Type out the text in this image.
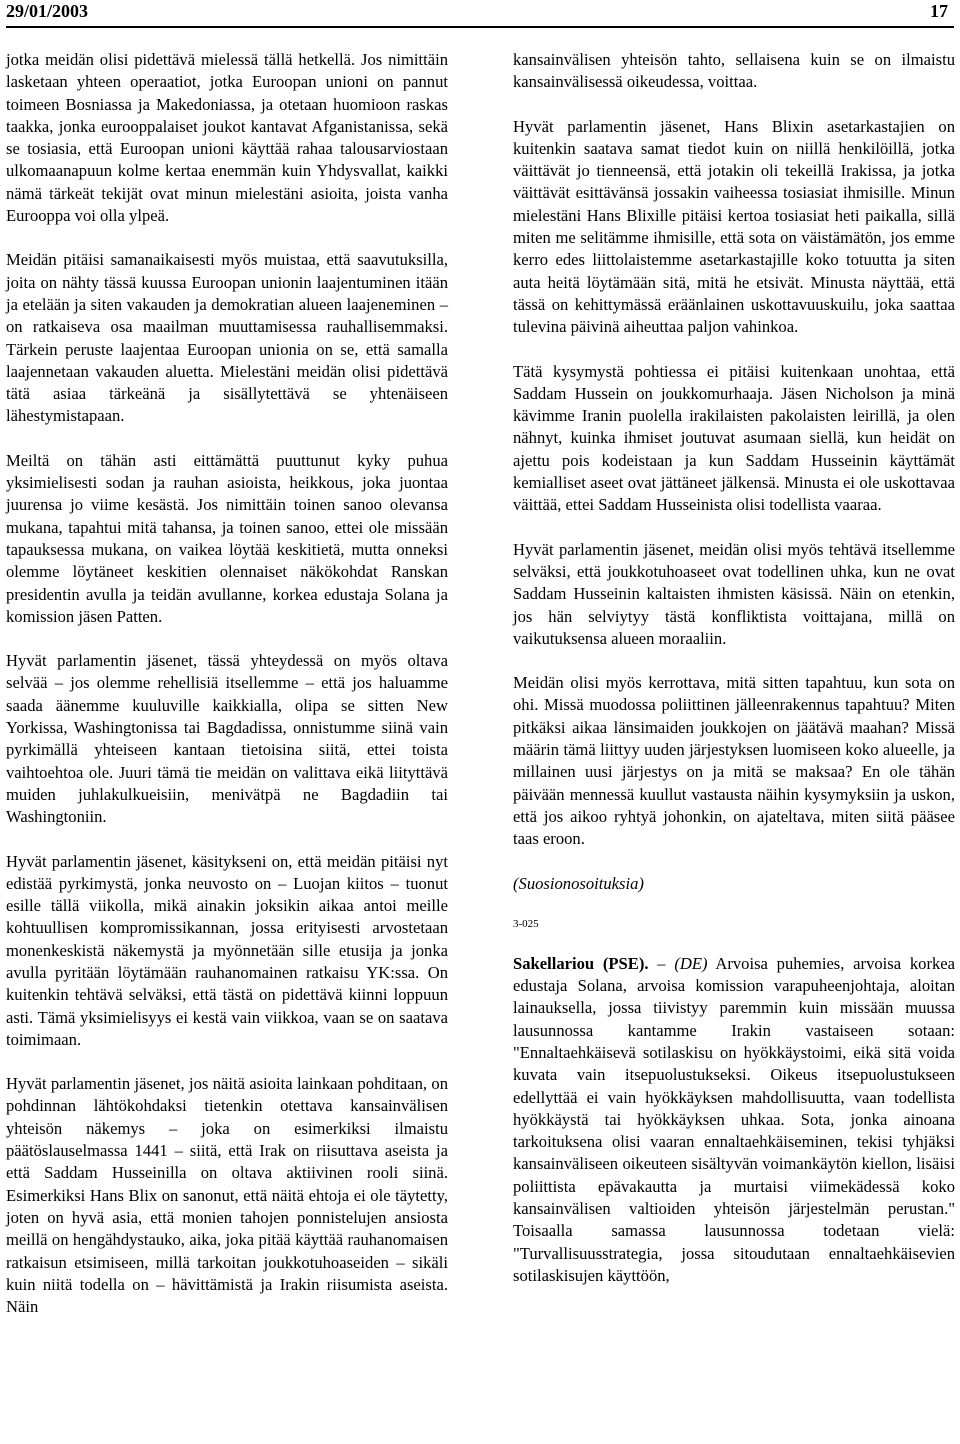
29/01/2003	17

jotka meidän olisi pidettävä mielessä tällä hetkellä. Jos nimittäin lasketaan yhteen operaatiot, jotka Euroopan unioni on pannut toimeen Bosniassa ja Makedoniassa, ja otetaan huomioon raskas taakka, jonka eurooppalaiset joukot kantavat Afganistanissa, sekä se tosiasia, että Euroopan unioni käyttää rahaa talousarviostaan ulkomaanapuun kolme kertaa enemmän kuin Yhdysvallat, kaikki nämä tärkeät tekijät ovat minun mielestäni asioita, joista vanha Eurooppa voi olla ylpeä.

Meidän pitäisi samanaikaisesti myös muistaa, että saavutuksilla, joita on nähty tässä kuussa Euroopan unionin laajentuminen itään ja etelään ja siten vakauden ja demokratian alueen laajeneminen – on ratkaiseva osa maailman muuttamisessa rauhallisemmaksi. Tärkein peruste laajentaa Euroopan unionia on se, että samalla laajennetaan vakauden aluetta. Mielestäni meidän olisi pidettävä tätä asiaa tärkeänä ja sisällytettävä se yhtenäiseen lähestymistapaan.

Meiltä on tähän asti eittämättä puuttunut kyky puhua yksimielisesti sodan ja rauhan asioista, heikkous, joka juontaa juurensa jo viime kesästä. Jos nimittäin toinen sanoo olevansa mukana, tapahtui mitä tahansa, ja toinen sanoo, ettei ole missään tapauksessa mukana, on vaikea löytää keskitietä, mutta onneksi olemme löytäneet keskitien olennaiset näkökohdat Ranskan presidentin avulla ja teidän avullanne, korkea edustaja Solana ja komission jäsen Patten.

Hyvät parlamentin jäsenet, tässä yhteydessä on myös oltava selvää – jos olemme rehellisiä itsellemme – että jos haluamme saada äänemme kuuluville kaikkialla, olipa se sitten New Yorkissa, Washingtonissa tai Bagdadissa, onnistumme siinä vain pyrkimällä yhteiseen kantaan tietoisina siitä, ettei toista vaihtoehtoa ole. Juuri tämä tie meidän on valittava eikä liityttävä muiden juhlakulkueisiin, menivätpä ne Bagdadiin tai Washingtoniin.

Hyvät parlamentin jäsenet, käsitykseni on, että meidän pitäisi nyt edistää pyrkimystä, jonka neuvosto on – Luojan kiitos – tuonut esille tällä viikolla, mikä ainakin joksikin aikaa antoi meille kohtuullisen kompromissikannan, jossa erityisesti arvostetaan monenkeskistä näkemystä ja myönnetään sille etusija ja jonka avulla pyritään löytämään rauhanomainen ratkaisu YK:ssa. On kuitenkin tehtävä selväksi, että tästä on pidettävä kiinni loppuun asti. Tämä yksimielisyys ei kestä vain viikkoa, vaan se on saatava toimimaan.

Hyvät parlamentin jäsenet, jos näitä asioita lainkaan pohditaan, on pohdinnan lähtökohdaksi tietenkin otettava kansainvälisen yhteisön näkemys – joka on esimerkiksi ilmaistu päätöslauselmassa 1441 – siitä, että Irak on riisuttava aseista ja että Saddam Husseinilla on oltava aktiivinen rooli siinä. Esimerkiksi Hans Blix on sanonut, että näitä ehtoja ei ole täytetty, joten on hyvä asia, että monien tahojen ponnistelujen ansiosta meillä on hengähdystauko, aika, joka pitää käyttää rauhanomaisen ratkaisun etsimiseen, millä tarkoitan joukkotuhoaseiden – sikäli kuin niitä todella on – hävittämistä ja Irakin riisumista aseista. Näin

kansainvälisen yhteisön tahto, sellaisena kuin se on ilmaistu kansainvälisessä oikeudessa, voittaa.

Hyvät parlamentin jäsenet, Hans Blixin asetarkastajien on kuitenkin saatava samat tiedot kuin on niillä henkilöillä, jotka väittävät jo tienneensä, että jotakin oli tekeillä Irakissa, ja jotka väittävät esittävänsä jossakin vaiheessa tosiasiat ihmisille. Minun mielestäni Hans Blixille pitäisi kertoa tosiasiat heti paikalla, sillä miten me selitämme ihmisille, että sota on väistämätön, jos emme kerro edes liittolaistemme asetarkastajille koko totuutta ja siten auta heitä löytämään sitä, mitä he etsivät. Minusta näyttää, että tässä on kehittymässä eräänlainen uskottavuuskuilu, joka saattaa tulevina päivinä aiheuttaa paljon vahinkoa.

Tätä kysymystä pohtiessa ei pitäisi kuitenkaan unohtaa, että Saddam Hussein on joukkomurhaaja. Jäsen Nicholson ja minä kävimme Iranin puolella irakilaisten pakolaisten leirillä, ja olen nähnyt, kuinka ihmiset joutuvat asumaan siellä, kun heidät on ajettu pois kodeistaan ja kun Saddam Husseinin käyttämät kemialliset aseet ovat jättäneet jälkensä. Minusta ei ole uskottavaa väittää, ettei Saddam Husseinista olisi todellista vaaraa.

Hyvät parlamentin jäsenet, meidän olisi myös tehtävä itsellemme selväksi, että joukkotuhoaseet ovat todellinen uhka, kun ne ovat Saddam Husseinin kaltaisten ihmisten käsissä. Näin on etenkin, jos hän selviytyy tästä konfliktista voittajana, millä on vaikutuksensa alueen moraaliin.

Meidän olisi myös kerrottava, mitä sitten tapahtuu, kun sota on ohi. Missä muodossa poliittinen jälleenrakennus tapahtuu? Miten pitkäksi aikaa länsimaiden joukkojen on jäätävä maahan? Missä määrin tämä liittyy uuden järjestyksen luomiseen koko alueelle, ja millainen uusi järjestys on ja mitä se maksaa? En ole tähän päivään mennessä kuullut vastausta näihin kysymyksiin ja uskon, että jos aikoo ryhtyä johonkin, on ajateltava, miten siitä pääsee taas eroon.

(Suosionosoituksia)

3-025

Sakellariou (PSE). – (DE) Arvoisa puhemies, arvoisa korkea edustaja Solana, arvoisa komission varapuheenjohtaja, aloitan lainauksella, jossa tiivistyy paremmin kuin missään muussa lausunnossa kantamme Irakin vastaiseen sotaan: "Ennaltaehkäisevä sotilaskisu on hyökkäystoimi, eikä sitä voida kuvata vain itsepuolustukseksi. Oikeus itsepuolustukseen edellyttää ei vain hyökkäyksen mahdollisuutta, vaan todellista hyökkäystä tai hyökkäyksen uhkaa. Sota, jonka ainoana tarkoituksena olisi vaaran ennaltaehkäiseminen, tekisi tyhjäksi kansainväliseen oikeuteen sisältyvän voimankäytön kiellon, lisäisi poliittista epävakautta ja murtaisi viimekädessä koko kansainvälisen valtioiden yhteisön järjestelmän perustan." Toisaalla samassa lausunnossa todetaan vielä: "Turvallisuusstrategia, jossa sitoudutaan ennaltaehkäisevien sotilaskisujen käyttöön,
